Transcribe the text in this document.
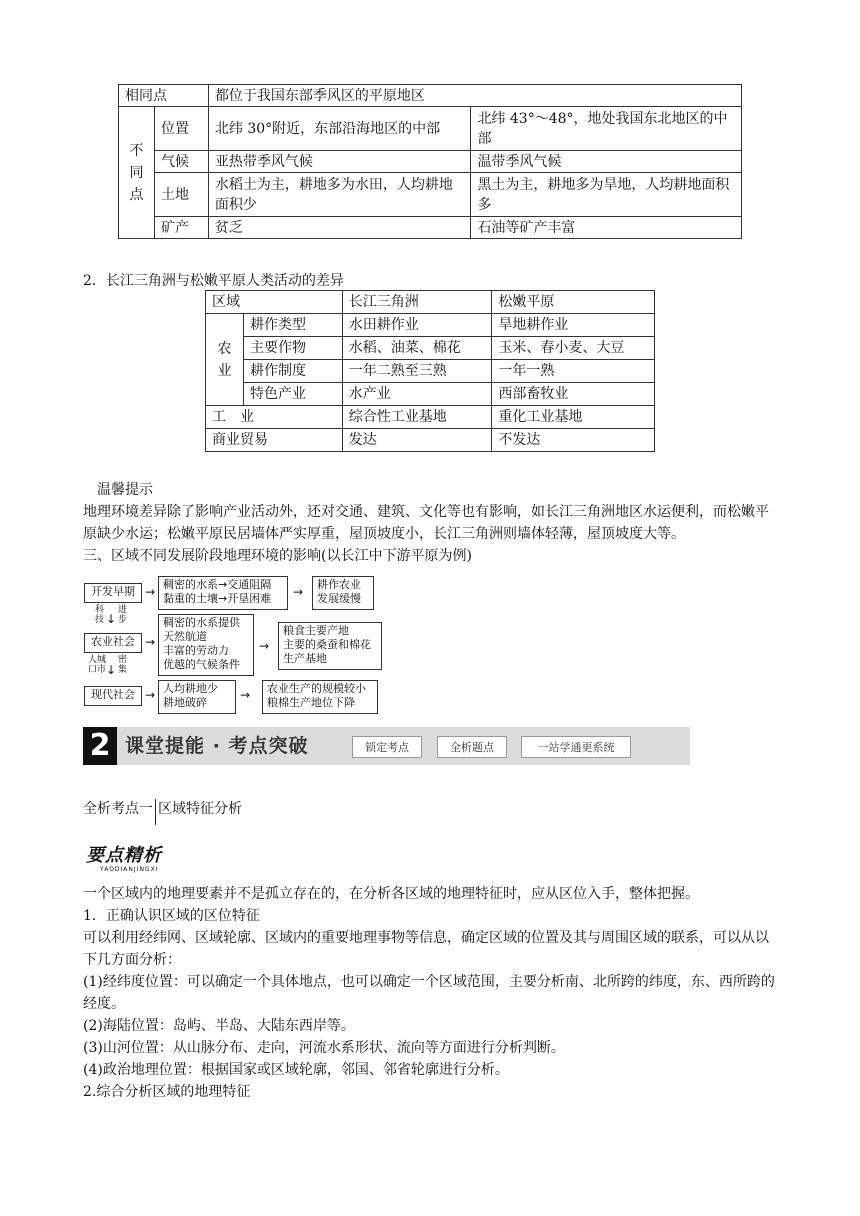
相同点		都位于我国东部季风区的平原地区	
不同点	位置	北纬 30°附近，东部沿海地区的中部	北纬 43°～48°，地处我国东北地区的中部
	气候	亚热带季风气候	温带季风气候
	土地	水稻土为主，耕地多为水田，人均耕地面积少	黑土为主，耕地多为旱地，人均耕地面积多
	矿产	贫乏	石油等矿产丰富
2．长江三角洲与松嫩平原人类活动的差异
区域		长江三角洲	松嫩平原
农业	耕作类型	水田耕作业	旱地耕作业
	主要作物	水稻、油菜、棉花	玉米、春小麦、大豆
	耕作制度	一年二熟至三熟	一年一熟
	特色产业	水产业	西部畜牧业
工　业		综合性工业基地	重化工业基地
商业贸易		发达	不发达
温馨提示
地理环境差异除了影响产业活动外，还对交通、建筑、文化等也有影响，如长江三角洲地区水运便利，而松嫩平原缺少水运；松嫩平原民居墙体严实厚重，屋顶坡度小，长江三角洲则墙体轻薄，屋顶坡度大等。
三、区域不同发展阶段地理环境的影响(以长江中下游平原为例)
开发早期 →
稠密的水系→交通阻隔
黏重的土壤→开垦困难	→
耕作农业
发展缓慢
科技 ↓
进步
农业社会 →
稠密的水系提供
天然航道
丰富的劳动力
优越的气候条件
→
粮食主要产地
主要的桑蚕和棉花
生产基地
人城口市 ↓
密集
现代社会 → 人均耕地少
耕地破碎
→ 农业生产的规模较小
粮棉生产地位下降
2 课堂提能 · 考点突破	锁定考点	全析题点	一站学通更系统
全析考点一 区域特征分析
要点精析
YAODIANJINGXI
一个区域内的地理要素并不是孤立存在的，在分析各区域的地理特征时，应从区位入手，整体把握。
1．正确认识区域的区位特征
可以利用经纬网、区域轮廓、区域内的重要地理事物等信息，确定区域的位置及其与周围区域的联系，可以从以下几方面分析：
(1)经纬度位置：可以确定一个具体地点，也可以确定一个区域范围，主要分析南、北所跨的纬度，东、西所跨的经度。
(2)海陆位置：岛屿、半岛、大陆东西岸等。
(3)山河位置：从山脉分布、走向，河流水系形状、流向等方面进行分析判断。
(4)政治地理位置：根据国家或区域轮廓，邻国、邻省轮廓进行分析。
2.综合分析区域的地理特征
